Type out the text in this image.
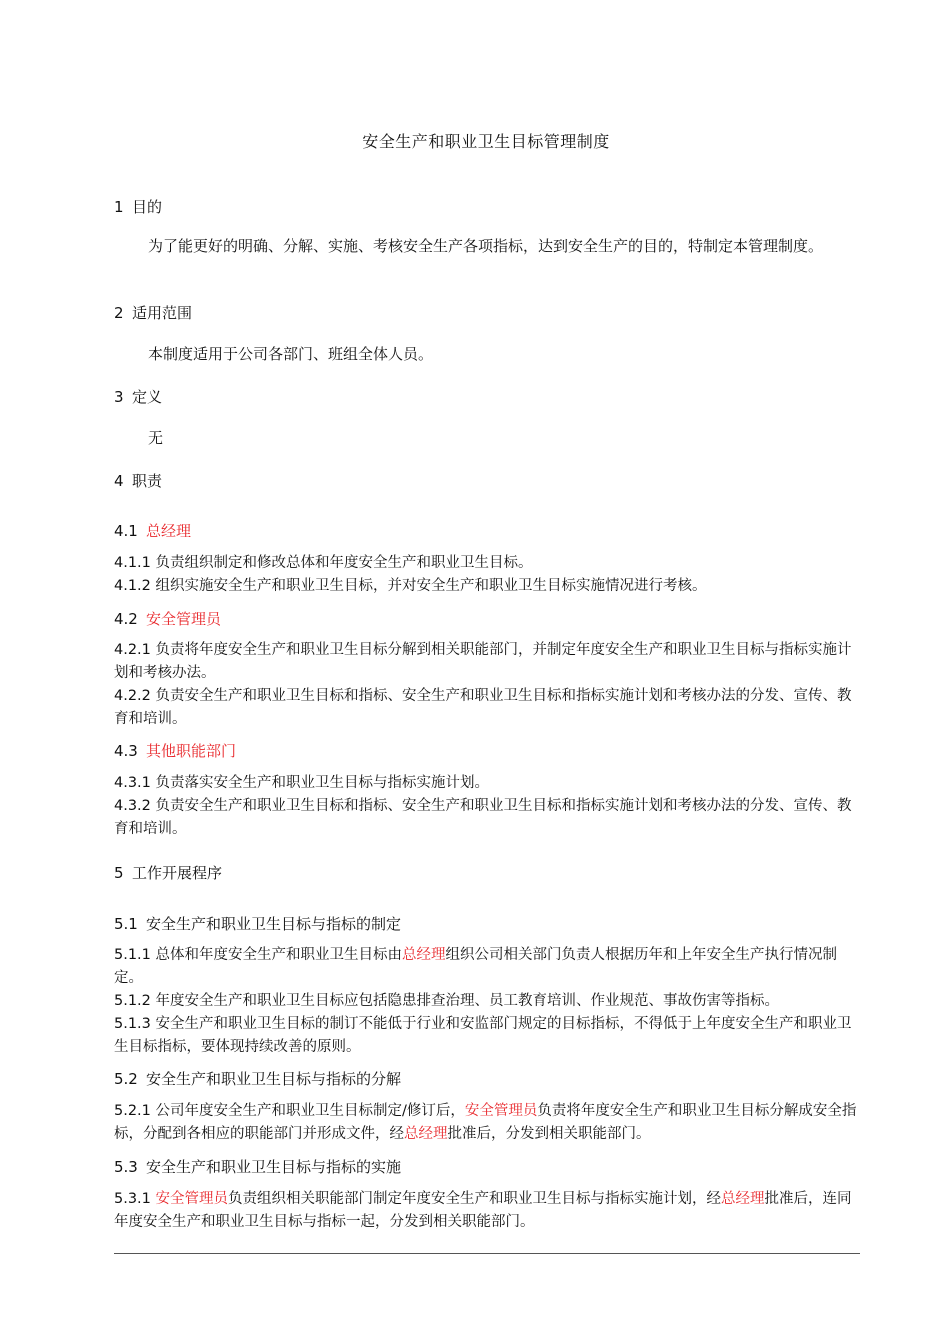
安全生产和职业卫生目标管理制度
1 目的
为了能更好的明确、分解、实施、考核安全生产各项指标，达到安全生产的目的，特制定本管理制度。
2 适用范围
本制度适用于公司各部门、班组全体人员。
3 定义
无
4 职责
4.1 总经理
4.1.1 负责组织制定和修改总体和年度安全生产和职业卫生目标。
4.1.2 组织实施安全生产和职业卫生目标，并对安全生产和职业卫生目标实施情况进行考核。
4.2 安全管理员
4.2.1 负责将年度安全生产和职业卫生目标分解到相关职能部门，并制定年度安全生产和职业卫生目标与指标实施计划和考核办法。
4.2.2 负责安全生产和职业卫生目标和指标、安全生产和职业卫生目标和指标实施计划和考核办法的分发、宣传、教育和培训。
4.3 其他职能部门
4.3.1 负责落实安全生产和职业卫生目标与指标实施计划。
4.3.2 负责安全生产和职业卫生目标和指标、安全生产和职业卫生目标和指标实施计划和考核办法的分发、宣传、教育和培训。
5 工作开展程序
5.1 安全生产和职业卫生目标与指标的制定
5.1.1 总体和年度安全生产和职业卫生目标由总经理组织公司相关部门负责人根据历年和上年安全生产执行情况制定。
5.1.2 年度安全生产和职业卫生目标应包括隐患排查治理、员工教育培训、作业规范、事故伤害等指标。
5.1.3 安全生产和职业卫生目标的制订不能低于行业和安监部门规定的目标指标，不得低于上年度安全生产和职业卫生目标指标，要体现持续改善的原则。
5.2 安全生产和职业卫生目标与指标的分解
5.2.1 公司年度安全生产和职业卫生目标制定/修订后，安全管理员负责将年度安全生产和职业卫生目标分解成安全指标，分配到各相应的职能部门并形成文件，经总经理批准后，分发到相关职能部门。
5.3 安全生产和职业卫生目标与指标的实施
5.3.1 安全管理员负责组织相关职能部门制定年度安全生产和职业卫生目标与指标实施计划，经总经理批准后，连同年度安全生产和职业卫生目标与指标一起，分发到相关职能部门。
